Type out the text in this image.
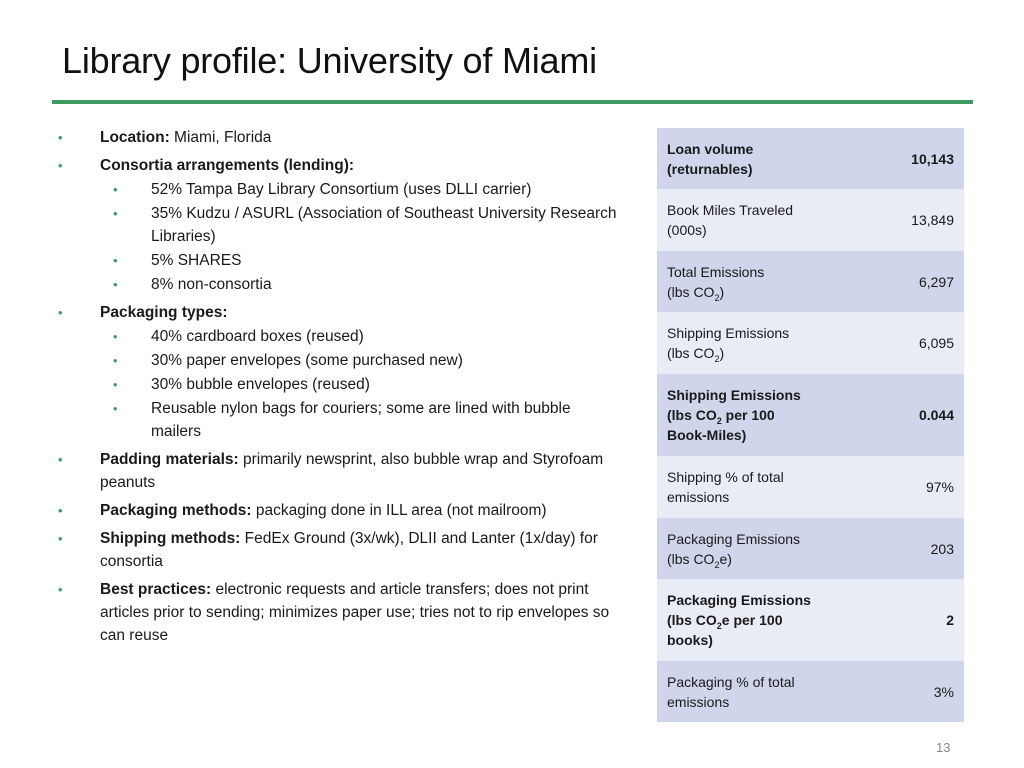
Library profile: University of Miami
• Location: Miami, Florida
• Consortia arrangements (lending):
• 52% Tampa Bay Library Consortium (uses DLLI carrier)
• 35% Kudzu / ASURL (Association of Southeast University Research Libraries)
• 5% SHARES
• 8% non-consortia
• Packaging types:
• 40% cardboard boxes (reused)
• 30% paper envelopes (some purchased new)
• 30% bubble envelopes (reused)
• Reusable nylon bags for couriers; some are lined with bubble mailers
• Padding materials: primarily newsprint, also bubble wrap and Styrofoam peanuts
• Packaging methods: packaging done in ILL area (not mailroom)
• Shipping methods: FedEx Ground (3x/wk), DLII and Lanter (1x/day) for consortia
• Best practices: electronic requests and article transfers; does not print articles prior to sending; minimizes paper use; tries not to rip envelopes so can reuse
Loan volume
(returnables)
10,143
Book Miles Traveled
(000s)
13,849
Total Emissions
(lbs $CO_2$)
6,297
Shipping Emissions
(lbs $CO_2$)
6,095
Shipping Emissions
(lbs $CO_2$ per 100
Book-Miles)
0.044
Shipping % of total
emissions
97%
Packaging Emissions
(lbs $CO_2e$)
203
Packaging Emissions
(lbs $CO_2e$ per 100
books)
2
Packaging % of total
emissions
3%
13
